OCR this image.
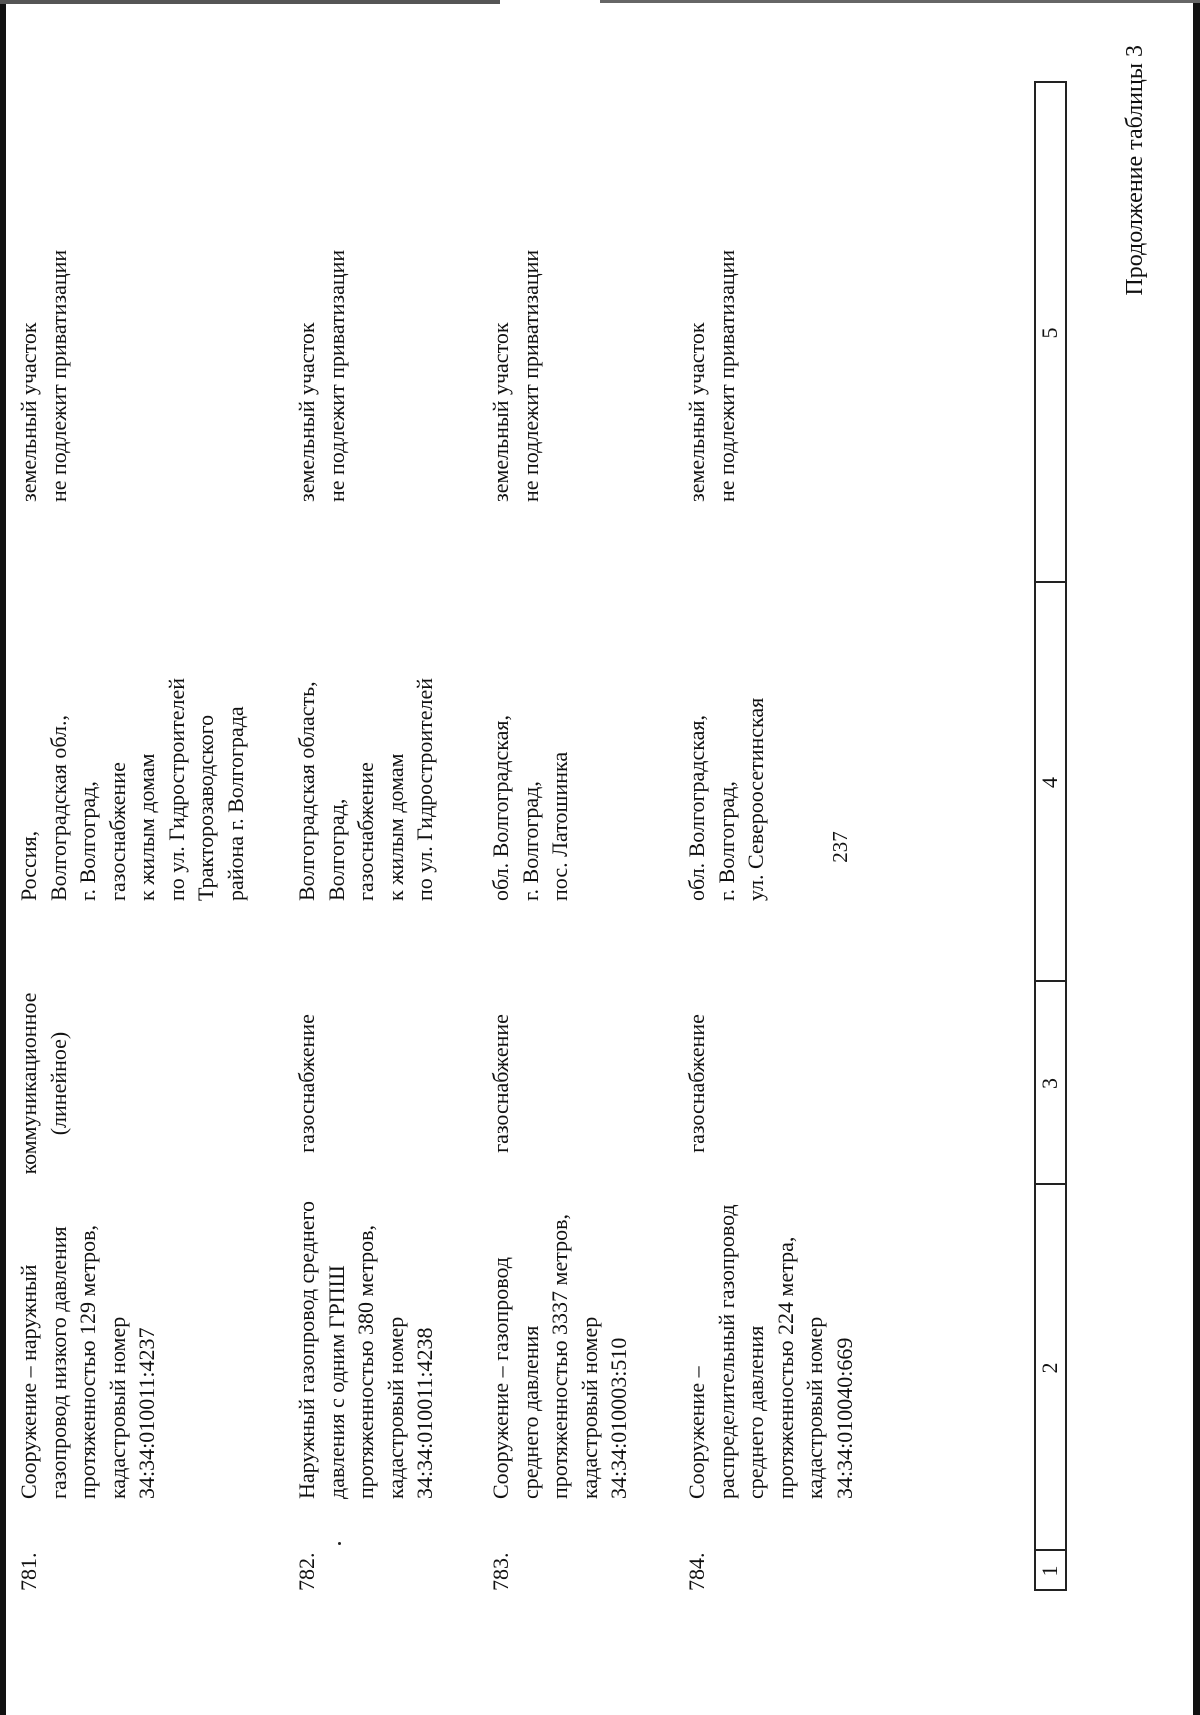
237
Продолжение таблицы 3
1
2
3
4
5
781.
Сооружение – наружный
газопровод низкого давления
протяженностью 129 метров,
кадастровый номер
34:34:010011:4237
коммуникационное
(линейное)
Россия,
Волгоградская обл.,
г. Волгоград,
газоснабжение
к жилым домам
по ул. Гидростроителей
Тракторозаводского
района г. Волгограда
земельный участок
не подлежит приватизации
782.
Наружный газопровод среднего
давления с одним ГРПШ
протяженностью 380 метров,
кадастровый номер
34:34:010011:4238
газоснабжение
Волгоградская область,
Волгоград,
газоснабжение
к жилым домам
по ул. Гидростроителей
земельный участок
не подлежит приватизации
783.
Сооружение – газопровод
среднего давления
протяженностью 3337 метров,
кадастровый номер
34:34:010003:510
газоснабжение
обл. Волгоградская,
г. Волгоград,
пос. Латошинка
земельный участок
не подлежит приватизации
784.
Сооружение –
распределительный газопровод
среднего давления
протяженностью 224 метра,
кадастровый номер
34:34:010040:669
газоснабжение
обл. Волгоградская,
г. Волгоград,
ул. Североосетинская
земельный участок
не подлежит приватизации
